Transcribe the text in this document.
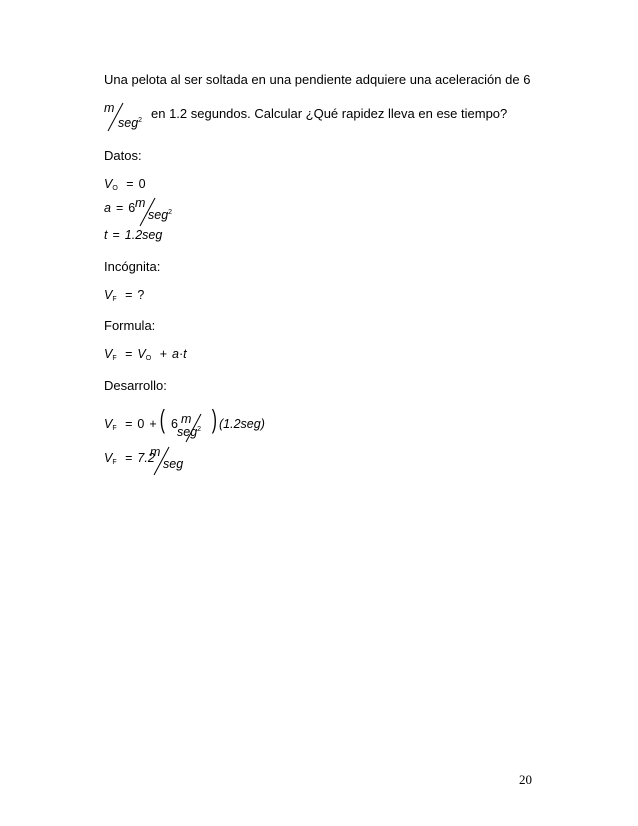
Una pelota al ser soltada en una pendiente adquiere una aceleración de 6
m
seg$^2$ en 1.2 segundos. Calcular ¿Qué rapidez lleva en ese tiempo?
Datos:
$V_O = 0$
a = 6 m
seg$^2$
t = 1.2seg
Incógnita:
$V_F$ = ?
Formula:
$V_F = V_O + a\cdot t$
Desarrollo:
$V_F = 0$ + ( 6 m
seg$^2$ ) (1.2seg)
$V_F = 7.2$
m
seg
20
